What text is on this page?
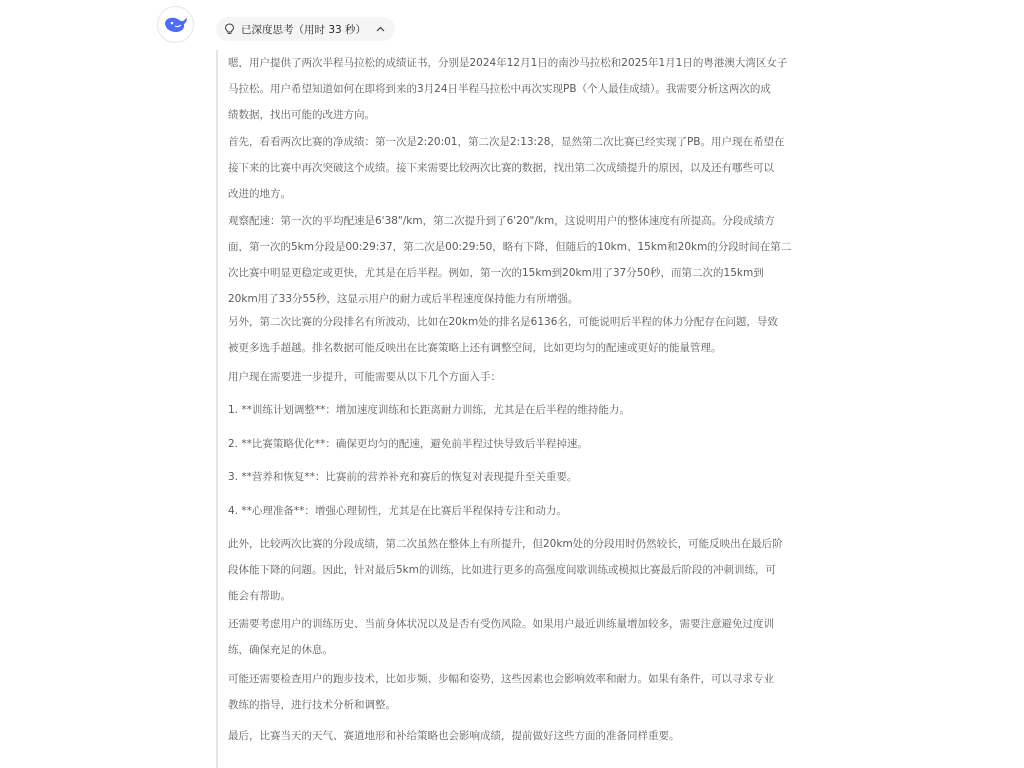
已深度思考（用时 33 秒）

嗯，用户提供了两次半程马拉松的成绩证书，分别是2024年12月1日的南沙马拉松和2025年1月1日的粤港澳大湾区女子
马拉松。用户希望知道如何在即将到来的3月24日半程马拉松中再次实现PB（个人最佳成绩）。我需要分析这两次的成
绩数据，找出可能的改进方向。

首先，看看两次比赛的净成绩：第一次是2:20:01，第二次是2:13:28，显然第二次比赛已经实现了PB。用户现在希望在
接下来的比赛中再次突破这个成绩。接下来需要比较两次比赛的数据，找出第二次成绩提升的原因，以及还有哪些可以
改进的地方。

观察配速：第一次的平均配速是6'38"/km，第二次提升到了6'20"/km，这说明用户的整体速度有所提高。分段成绩方
面，第一次的5km分段是00:29:37，第二次是00:29:50，略有下降，但随后的10km、15km和20km的分段时间在第二
次比赛中明显更稳定或更快，尤其是在后半程。例如，第一次的15km到20km用了37分50秒，而第二次的15km到
20km用了33分55秒，这显示用户的耐力或后半程速度保持能力有所增强。

另外，第二次比赛的分段排名有所波动，比如在20km处的排名是6136名，可能说明后半程的体力分配存在问题，导致
被更多选手超越。排名数据可能反映出在比赛策略上还有调整空间，比如更均匀的配速或更好的能量管理。

用户现在需要进一步提升，可能需要从以下几个方面入手：

1. **训练计划调整**：增加速度训练和长距离耐力训练，尤其是在后半程的维持能力。

2. **比赛策略优化**：确保更均匀的配速，避免前半程过快导致后半程掉速。

3. **营养和恢复**：比赛前的营养补充和赛后的恢复对表现提升至关重要。

4. **心理准备**：增强心理韧性，尤其是在比赛后半程保持专注和动力。

此外，比较两次比赛的分段成绩，第二次虽然在整体上有所提升，但20km处的分段用时仍然较长，可能反映出在最后阶
段体能下降的问题。因此，针对最后5km的训练，比如进行更多的高强度间歇训练或模拟比赛最后阶段的冲刺训练，可
能会有帮助。

还需要考虑用户的训练历史、当前身体状况以及是否有受伤风险。如果用户最近训练量增加较多，需要注意避免过度训
练，确保充足的休息。

可能还需要检查用户的跑步技术，比如步频、步幅和姿势，这些因素也会影响效率和耐力。如果有条件，可以寻求专业
教练的指导，进行技术分析和调整。

最后，比赛当天的天气、赛道地形和补给策略也会影响成绩，提前做好这些方面的准备同样重要。
